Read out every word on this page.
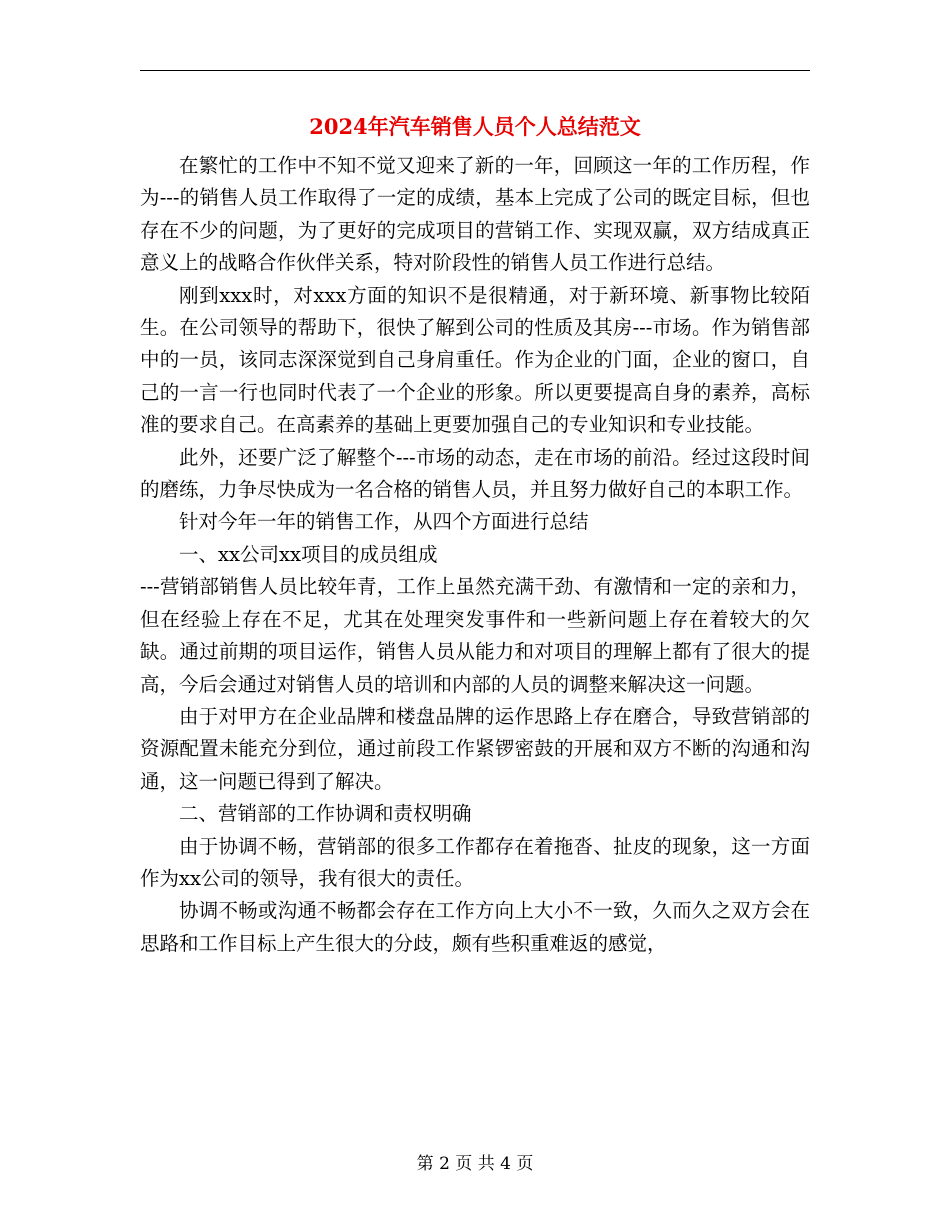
2024年汽车销售人员个人总结范文

在繁忙的工作中不知不觉又迎来了新的一年，回顾这一年的工作历程，作为---的销售人员工作取得了一定的成绩，基本上完成了公司的既定目标，但也存在不少的问题，为了更好的完成项目的营销工作、实现双赢，双方结成真正意义上的战略合作伙伴关系，特对阶段性的销售人员工作进行总结。

刚到xxx时，对xxx方面的知识不是很精通，对于新环境、新事物比较陌生。在公司领导的帮助下，很快了解到公司的性质及其房---市场。作为销售部中的一员，该同志深深觉到自己身肩重任。作为企业的门面，企业的窗口，自己的一言一行也同时代表了一个企业的形象。所以更要提高自身的素养，高标准的要求自己。在高素养的基础上更要加强自己的专业知识和专业技能。

此外，还要广泛了解整个---市场的动态，走在市场的前沿。经过这段时间的磨练，力争尽快成为一名合格的销售人员，并且努力做好自己的本职工作。

针对今年一年的销售工作，从四个方面进行总结

一、xx公司xx项目的成员组成

---营销部销售人员比较年青，工作上虽然充满干劲、有激情和一定的亲和力，但在经验上存在不足，尤其在处理突发事件和一些新问题上存在着较大的欠缺。通过前期的项目运作，销售人员从能力和对项目的理解上都有了很大的提高，今后会通过对销售人员的培训和内部的人员的调整来解决这一问题。

由于对甲方在企业品牌和楼盘品牌的运作思路上存在磨合，导致营销部的资源配置未能充分到位，通过前段工作紧锣密鼓的开展和双方不断的沟通和沟通，这一问题已得到了解决。

二、营销部的工作协调和责权明确

由于协调不畅，营销部的很多工作都存在着拖沓、扯皮的现象，这一方面作为xx公司的领导，我有很大的责任。

协调不畅或沟通不畅都会存在工作方向上大小不一致，久而久之双方会在思路和工作目标上产生很大的分歧，颇有些积重难返的感觉，

第 2 页 共 4 页
